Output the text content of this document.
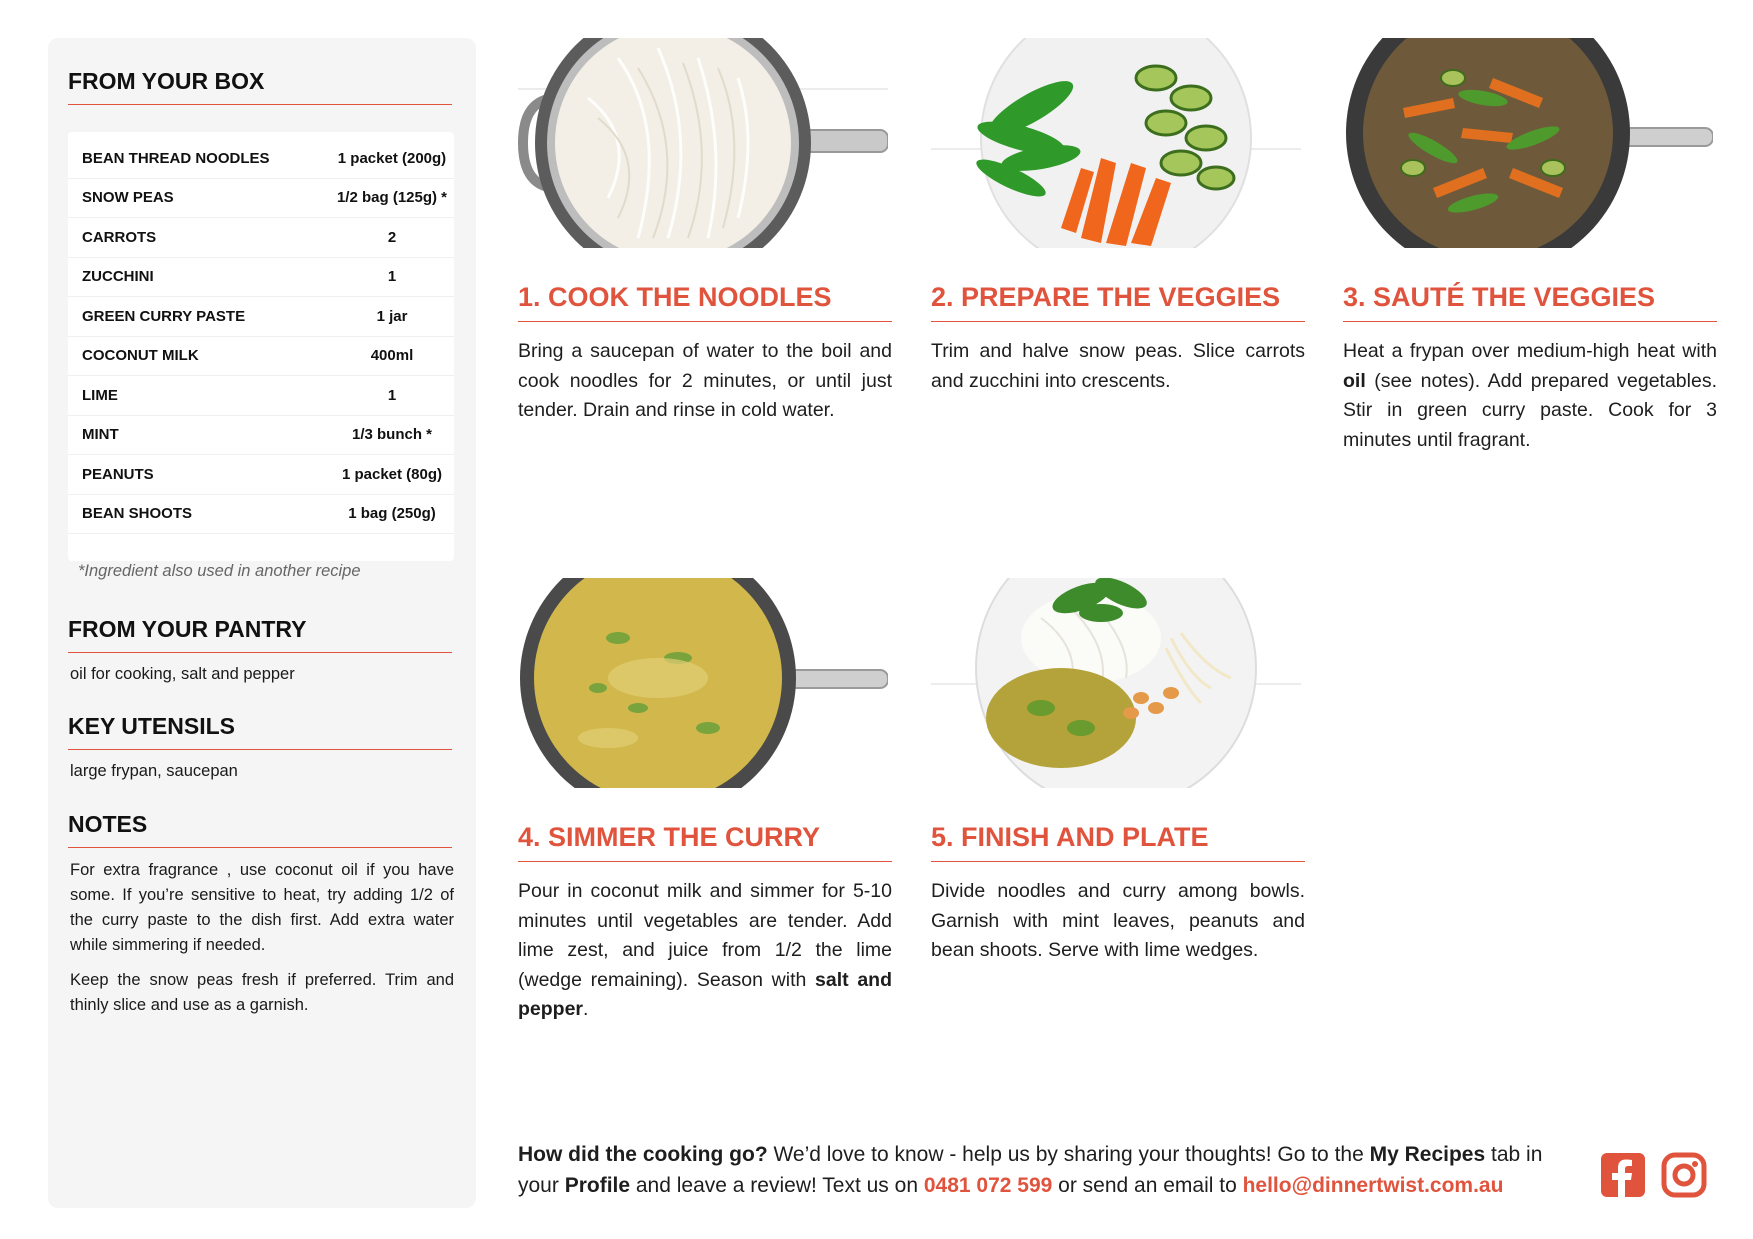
FROM YOUR BOX
BEAN THREAD NOODLES	1 packet (200g)
SNOW PEAS	1/2 bag (125g) *
CARROTS	2
ZUCCHINI	1
GREEN CURRY PASTE	1 jar
COCONUT MILK	400ml
LIME	1
MINT	1/3 bunch *
PEANUTS	1 packet (80g)
BEAN SHOOTS	1 bag (250g)
*Ingredient also used in another recipe
FROM YOUR PANTRY
oil for cooking, salt and pepper
KEY UTENSILS
large frypan, saucepan
NOTES

For extra fragrance , use coconut oil if you have some. If you’re sensitive to heat, try adding 1/2 of the curry paste to the dish first. Add extra water while simmering if needed.

Keep the snow peas fresh if preferred. Trim and thinly slice and use as a garnish.

1. COOK THE NOODLES
Bring a saucepan of water to the boil and cook noodles for 2 minutes, or until just tender. Drain and rinse in cold water.
2. PREPARE THE VEGGIES
Trim and halve snow peas. Slice carrots and zucchini into crescents.
3. SAUTÉ THE VEGGIES
Heat a frypan over medium-high heat with oil (see notes). Add prepared vegetables. Stir in green curry paste. Cook for 3 minutes until fragrant.
4. SIMMER THE CURRY
Pour in coconut milk and simmer for 5-10 minutes until vegetables are tender. Add lime zest, and juice from 1/2 the lime (wedge remaining). Season with salt and pepper.
5. FINISH AND PLATE
Divide noodles and curry among bowls. Garnish with mint leaves, peanuts and bean shoots. Serve with lime wedges.
How did the cooking go? We’d love to know - help us by sharing your thoughts! Go to the My Recipes tab in your Profile and leave a review! Text us on 0481 072 599 or send an email to hello@dinnertwist.com.au
